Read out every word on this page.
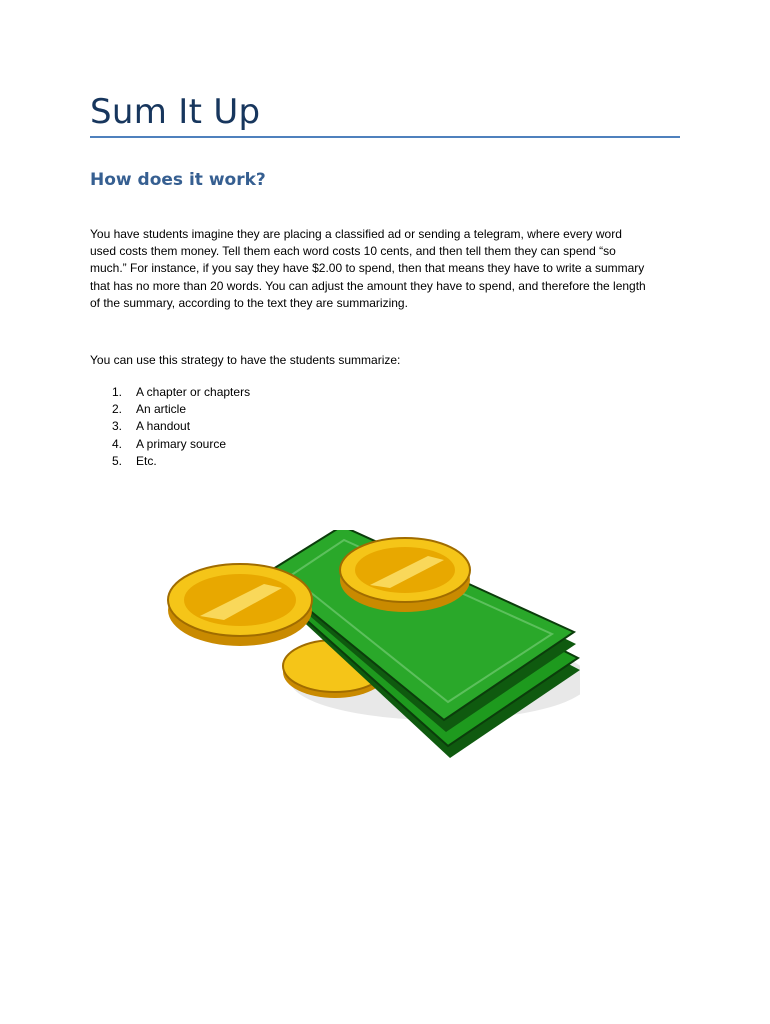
Sum It Up
How does it work?
You have students imagine they are placing a classified ad or sending a telegram, where every word
used costs them money. Tell them each word costs 10 cents, and then tell them they can spend “so
much.” For instance, if you say they have $2.00 to spend, then that means they have to write a summary
that has no more than 20 words. You can adjust the amount they have to spend, and therefore the length
of the summary, according to the text they are summarizing.
You can use this strategy to have the students summarize:
1. A chapter or chapters
2. An article
3. A handout
4. A primary source
5. Etc.
